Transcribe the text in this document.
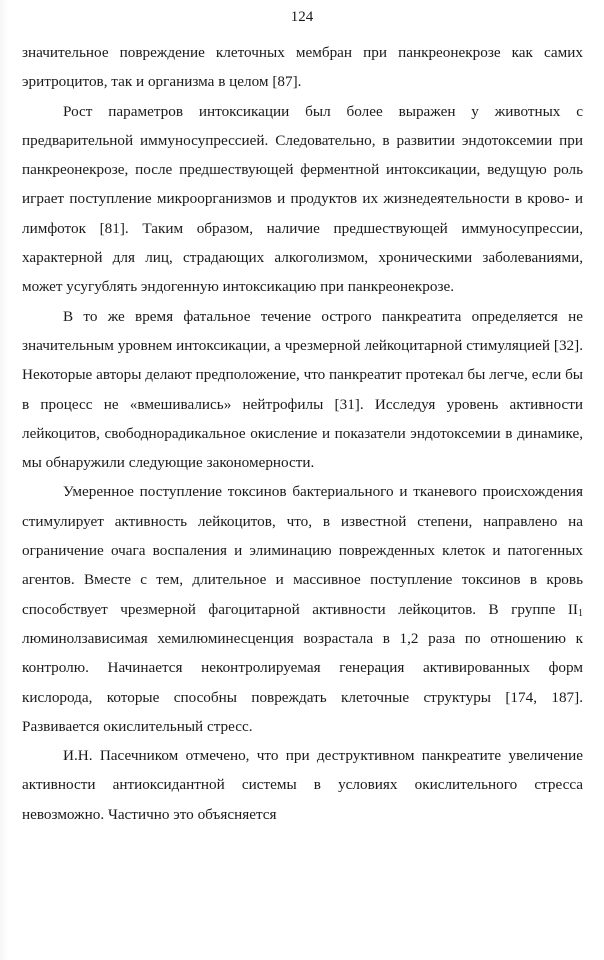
124

значительное повреждение клеточных мембран при панкреонекрозе как самих эритроцитов, так и организма в целом [87].

Рост параметров интоксикации был более выражен у животных с предварительной иммуносупрессией. Следовательно, в развитии эндотоксемии при панкреонекрозе, после предшествующей ферментной интоксикации, ведущую роль играет поступление микроорганизмов и продуктов их жизнедеятельности в крово- и лимфоток [81]. Таким образом, наличие предшествующей иммуносупрессии, характерной для лиц, страдающих алкоголизмом, хроническими заболеваниями, может усугублять эндогенную интоксикацию при панкреонекрозе.

В то же время фатальное течение острого панкреатита определяется не значительным уровнем интоксикации, а чрезмерной лейкоцитарной стимуляцией [32]. Некоторые авторы делают предположение, что панкреатит протекал бы легче, если бы в процесс не «вмешивались» нейтрофилы [31]. Исследуя уровень активности лейкоцитов, свободнорадикальное окисление и показатели эндотоксемии в динамике, мы обнаружили следующие закономерности.

Умеренное поступление токсинов бактериального и тканевого происхождения стимулирует активность лейкоцитов, что, в известной степени, направлено на ограничение очага воспаления и элиминацию поврежденных клеток и патогенных агентов. Вместе с тем, длительное и массивное поступление токсинов в кровь способствует чрезмерной фагоцитарной активности лейкоцитов. В группе $II_1$ люминолзависимая хемилюминесценция возрастала в 1,2 раза по отношению к контролю. Начинается неконтролируемая генерация активированных форм кислорода, которые способны повреждать клеточные структуры [174, 187]. Развивается окислительный стресс.

И.Н. Пасечником отмечено, что при деструктивном панкреатите увеличение активности антиоксидантной системы в условиях окислительного стресса невозможно. Частично это объясняется
